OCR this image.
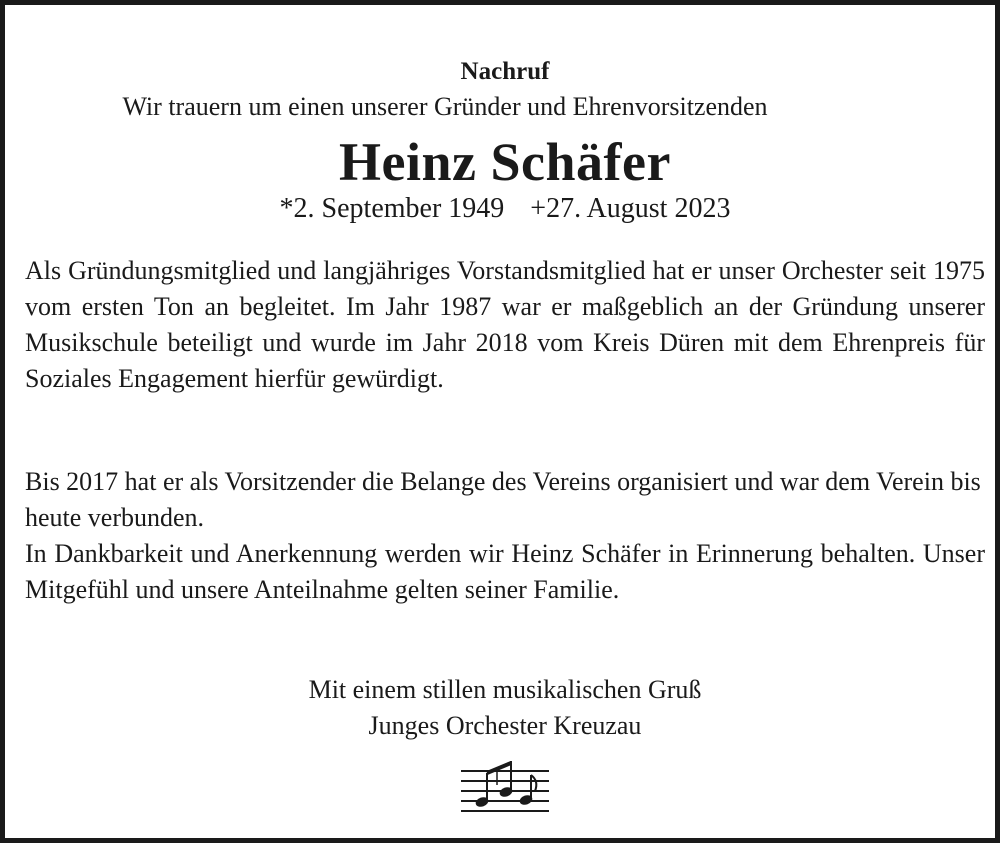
Nachruf
Wir trauern um einen unserer Gründer und Ehrenvorsitzenden
Heinz Schäfer
*2. September 1949 +27. August 2023

Als Gründungsmitglied und langjähriges Vorstandsmitglied hat er unser Orchester seit 1975 vom ersten Ton an begleitet. Im Jahr 1987 war er maßgeblich an der Gründung unserer Musikschule beteiligt und wurde im Jahr 2018 vom Kreis Düren mit dem Ehrenpreis für Soziales Engagement hierfür gewürdigt.

Bis 2017 hat er als Vorsitzender die Belange des Vereins organisiert und war dem Verein bis heute verbunden.

In Dankbarkeit und Anerkennung werden wir Heinz Schäfer in Erinnerung behalten. Unser Mitgefühl und unsere Anteilnahme gelten seiner Familie.

Mit einem stillen musikalischen Gruß
Junges Orchester Kreuzau
